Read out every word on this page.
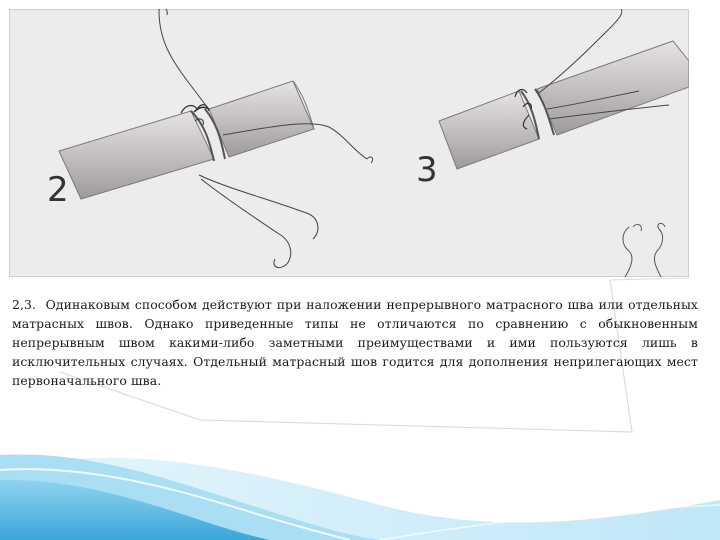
2	3

2,3. Одинаковым способом действуют при наложении непрерывного матрасного шва или отдельных матрасных швов. Однако приведенные типы не отличаются по сравнению с обыкновенным непрерывным швом какими-либо заметными преимуществами и ими пользуются лишь в исключительных случаях. Отдельный матрасный шов годится для дополнения неприлегающих мест первоначального шва.
